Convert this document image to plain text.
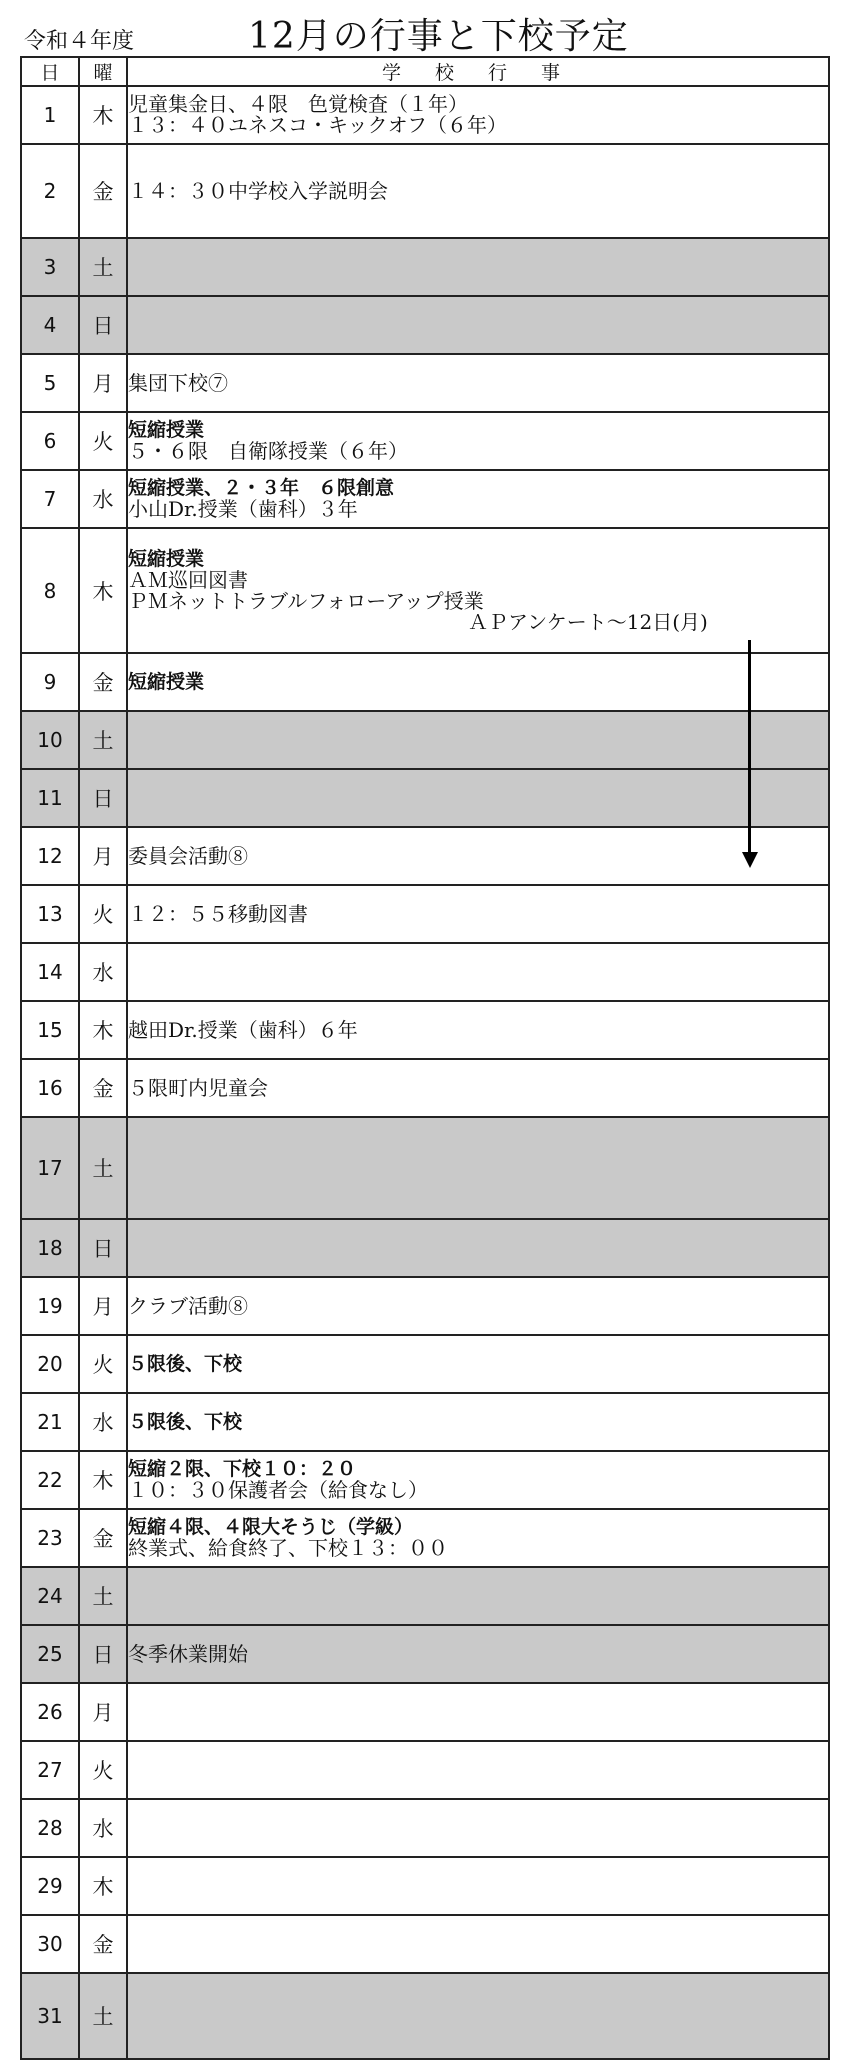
令和４年度	12月の行事と下校予定
日	曜	学 校 行 事
1	木	児童集金日、４限　色覚検査（１年）
１３：４０ユネスコ・キックオフ（６年）

2	金	１４：３０中学校入学説明会

3	土	
4	日	
5	月	集団下校⑦

6	火	短縮授業
５・６限　自衛隊授業（６年）

7	水	短縮授業、２・３年　６限創意
小山Dr.授業（歯科）３年

8	木	短縮授業
ＡＭ巡回図書
ＰＭネットトラブルフォローアップ授業
ＡＰアンケート～12日(月)

9	金	短縮授業

10	土	
11	日	
12	月	委員会活動⑧

13	火	１２：５５移動図書

14	水	
15	木	越田Dr.授業（歯科）６年

16	金	５限町内児童会

17	土	
18	日	
19	月	クラブ活動⑧

20	火	５限後、下校

21	水	５限後、下校

22	木	短縮２限、下校１０：２０
１０：３０保護者会（給食なし）

23	金	短縮４限、４限大そうじ（学級）
終業式、給食終了、下校１３：００

24	土	
25	日	冬季休業開始

26	月	
27	火	
28	水	
29	木	
30	金	
31	土	
